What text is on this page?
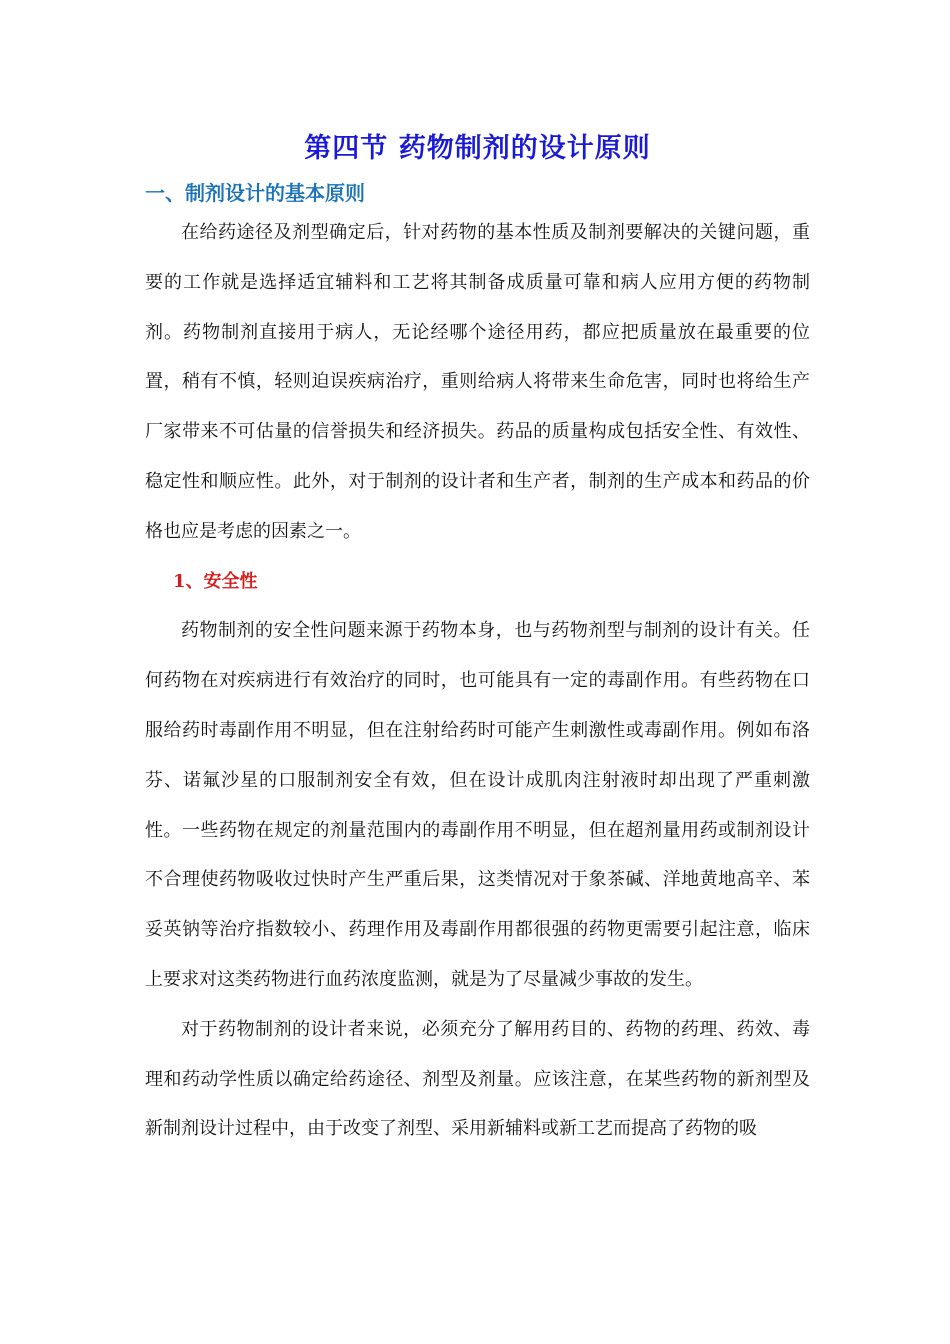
第四节 药物制剂的设计原则
一、制剂设计的基本原则

在给药途径及剂型确定后，针对药物的基本性质及制剂要解决的关键问题，重要的工作就是选择适宜辅料和工艺将其制备成质量可靠和病人应用方便的药物制剂。药物制剂直接用于病人，无论经哪个途径用药，都应把质量放在最重要的位置，稍有不慎，轻则迫误疾病治疗，重则给病人将带来生命危害，同时也将给生产厂家带来不可估量的信誉损失和经济损失。药品的质量构成包括安全性、有效性、稳定性和顺应性。此外，对于制剂的设计者和生产者，制剂的生产成本和药品的价格也应是考虑的因素之一。

1、安全性

药物制剂的安全性问题来源于药物本身，也与药物剂型与制剂的设计有关。任何药物在对疾病进行有效治疗的同时，也可能具有一定的毒副作用。有些药物在口服给药时毒副作用不明显，但在注射给药时可能产生刺激性或毒副作用。例如布洛芬、诺氟沙星的口服制剂安全有效，但在设计成肌肉注射液时却出现了严重刺激性。一些药物在规定的剂量范围内的毒副作用不明显，但在超剂量用药或制剂设计不合理使药物吸收过快时产生严重后果，这类情况对于象茶碱、洋地黄地高辛、苯妥英钠等治疗指数较小、药理作用及毒副作用都很强的药物更需要引起注意，临床上要求对这类药物进行血药浓度监测，就是为了尽量减少事故的发生。

对于药物制剂的设计者来说，必须充分了解用药目的、药物的药理、药效、毒理和药动学性质以确定给药途径、剂型及剂量。应该注意，在某些药物的新剂型及新制剂设计过程中，由于改变了剂型、采用新辅料或新工艺而提高了药物的吸
